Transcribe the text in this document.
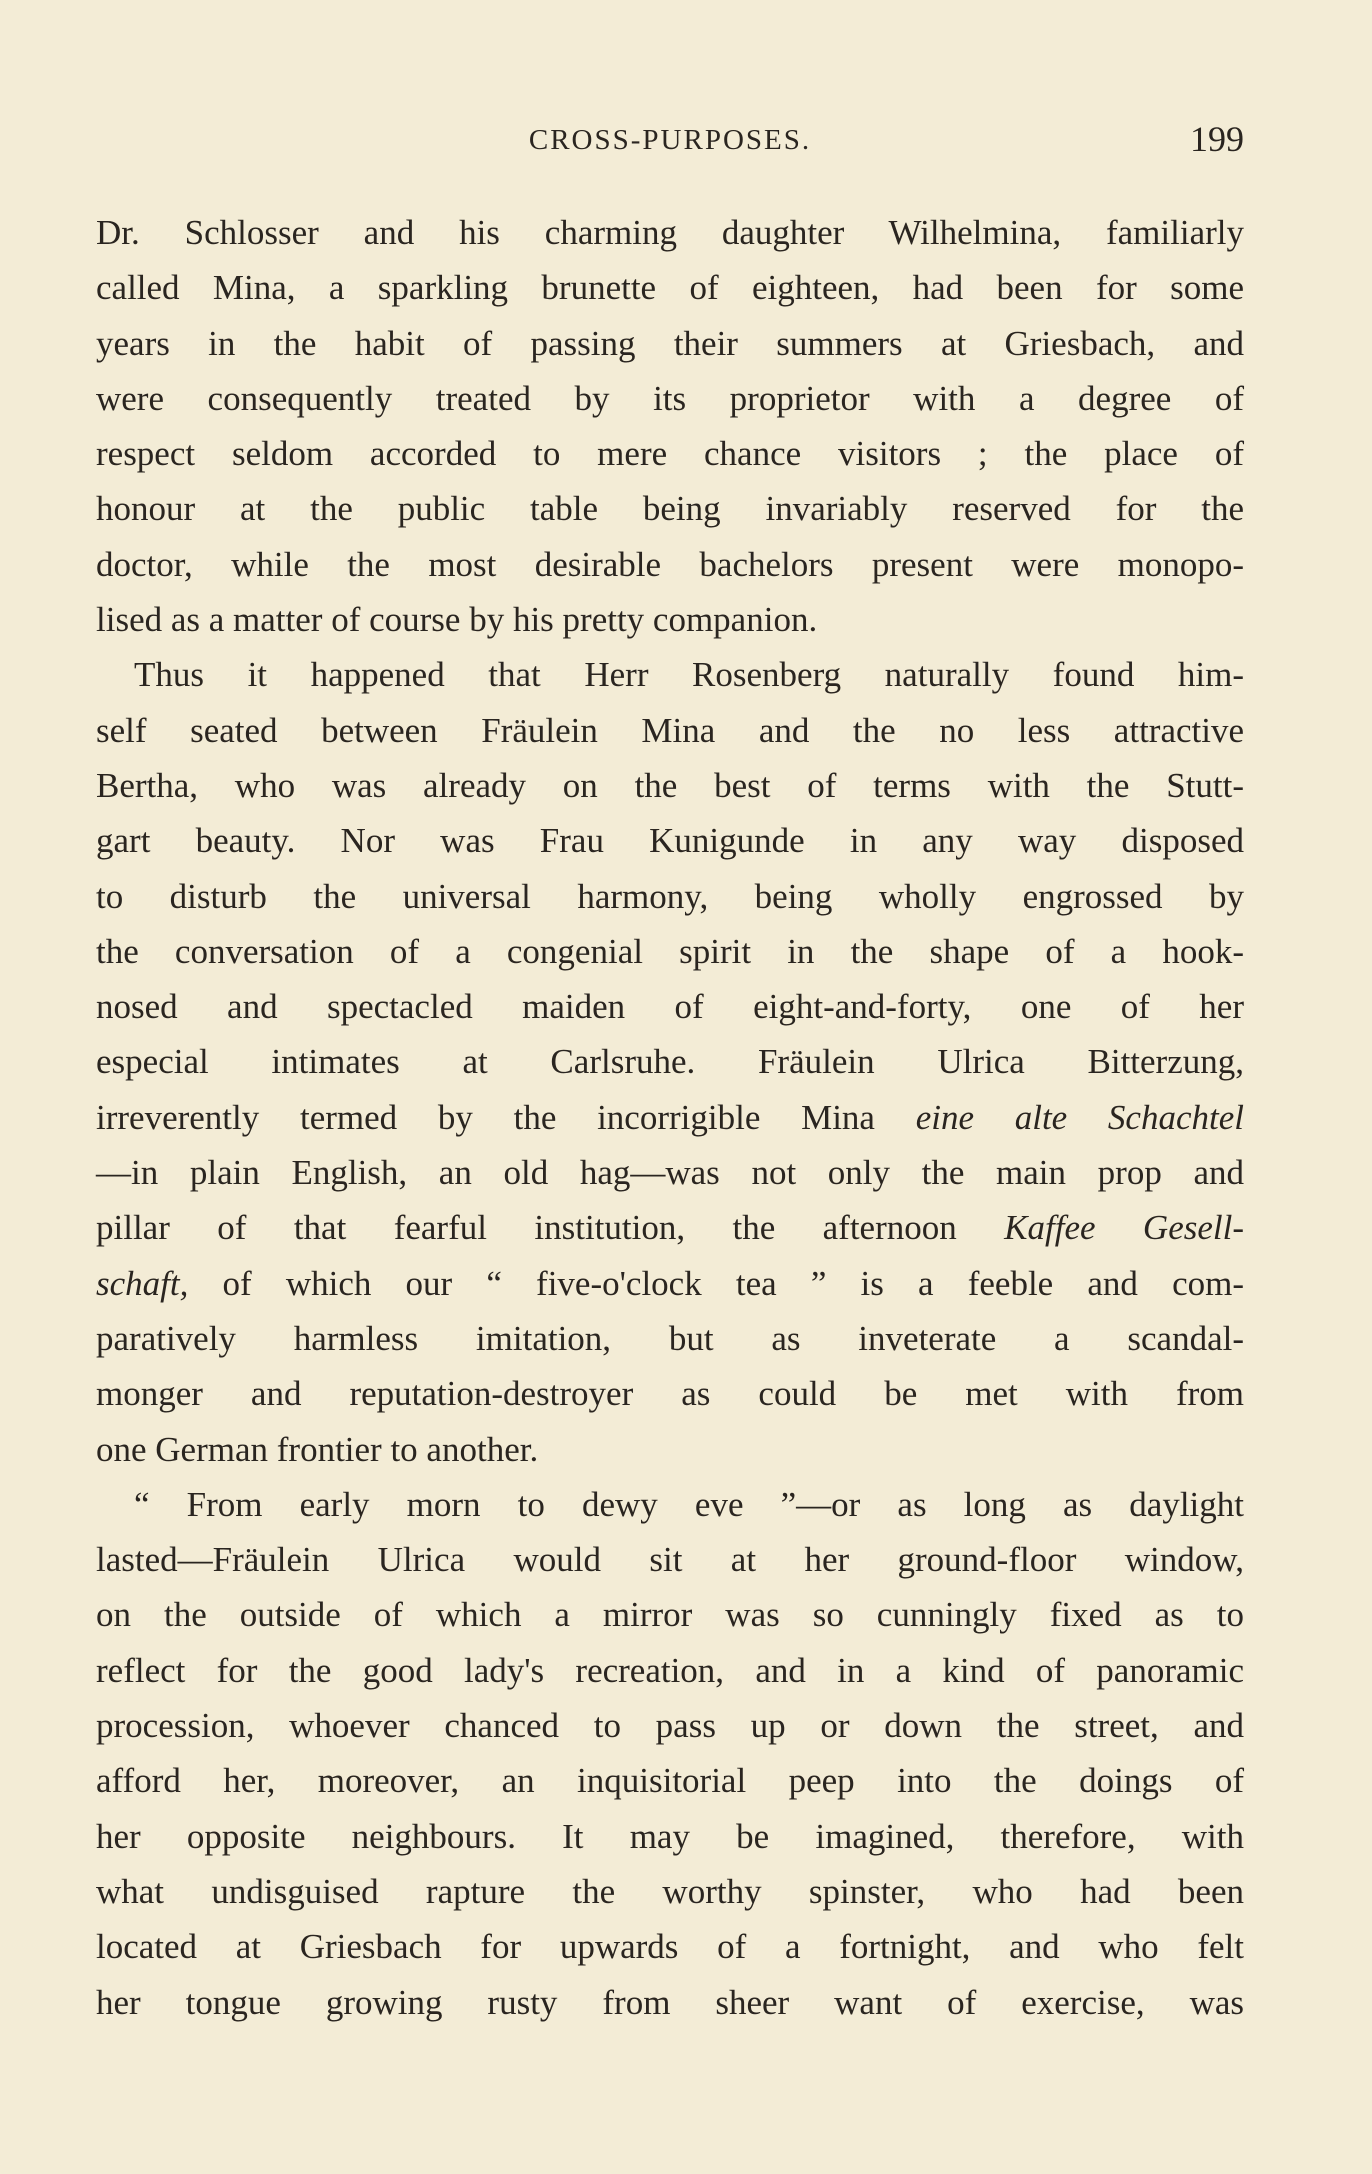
CROSS-PURPOSES.	199
Dr. Schlosser and his charming daughter Wilhelmina, familiarly
called Mina, a sparkling brunette of eighteen, had been for some
years in the habit of passing their summers at Griesbach, and
were consequently treated by its proprietor with a degree of
respect seldom accorded to mere chance visitors ; the place of
honour at the public table being invariably reserved for the
doctor, while the most desirable bachelors present were monopo-
lised as a matter of course by his pretty companion.
Thus it happened that Herr Rosenberg naturally found him-
self seated between Fräulein Mina and the no less attractive
Bertha, who was already on the best of terms with the Stutt-
gart beauty. Nor was Frau Kunigunde in any way disposed
to disturb the universal harmony, being wholly engrossed by
the conversation of a congenial spirit in the shape of a hook-
nosed and spectacled maiden of eight-and-forty, one of her
especial intimates at Carlsruhe. Fräulein Ulrica Bitterzung,
irreverently termed by the incorrigible Mina eine alte Schachtel
—in plain English, an old hag—was not only the main prop and
pillar of that fearful institution, the afternoon Kaffee Gesell-
schaft, of which our “ five-o'clock tea ” is a feeble and com-
paratively harmless imitation, but as inveterate a scandal-
monger and reputation-destroyer as could be met with from
one German frontier to another.
“ From early morn to dewy eve ”—or as long as daylight
lasted—Fräulein Ulrica would sit at her ground-floor window,
on the outside of which a mirror was so cunningly fixed as to
reflect for the good lady's recreation, and in a kind of panoramic
procession, whoever chanced to pass up or down the street, and
afford her, moreover, an inquisitorial peep into the doings of
her opposite neighbours. It may be imagined, therefore, with
what undisguised rapture the worthy spinster, who had been
located at Griesbach for upwards of a fortnight, and who felt
her tongue growing rusty from sheer want of exercise, was
